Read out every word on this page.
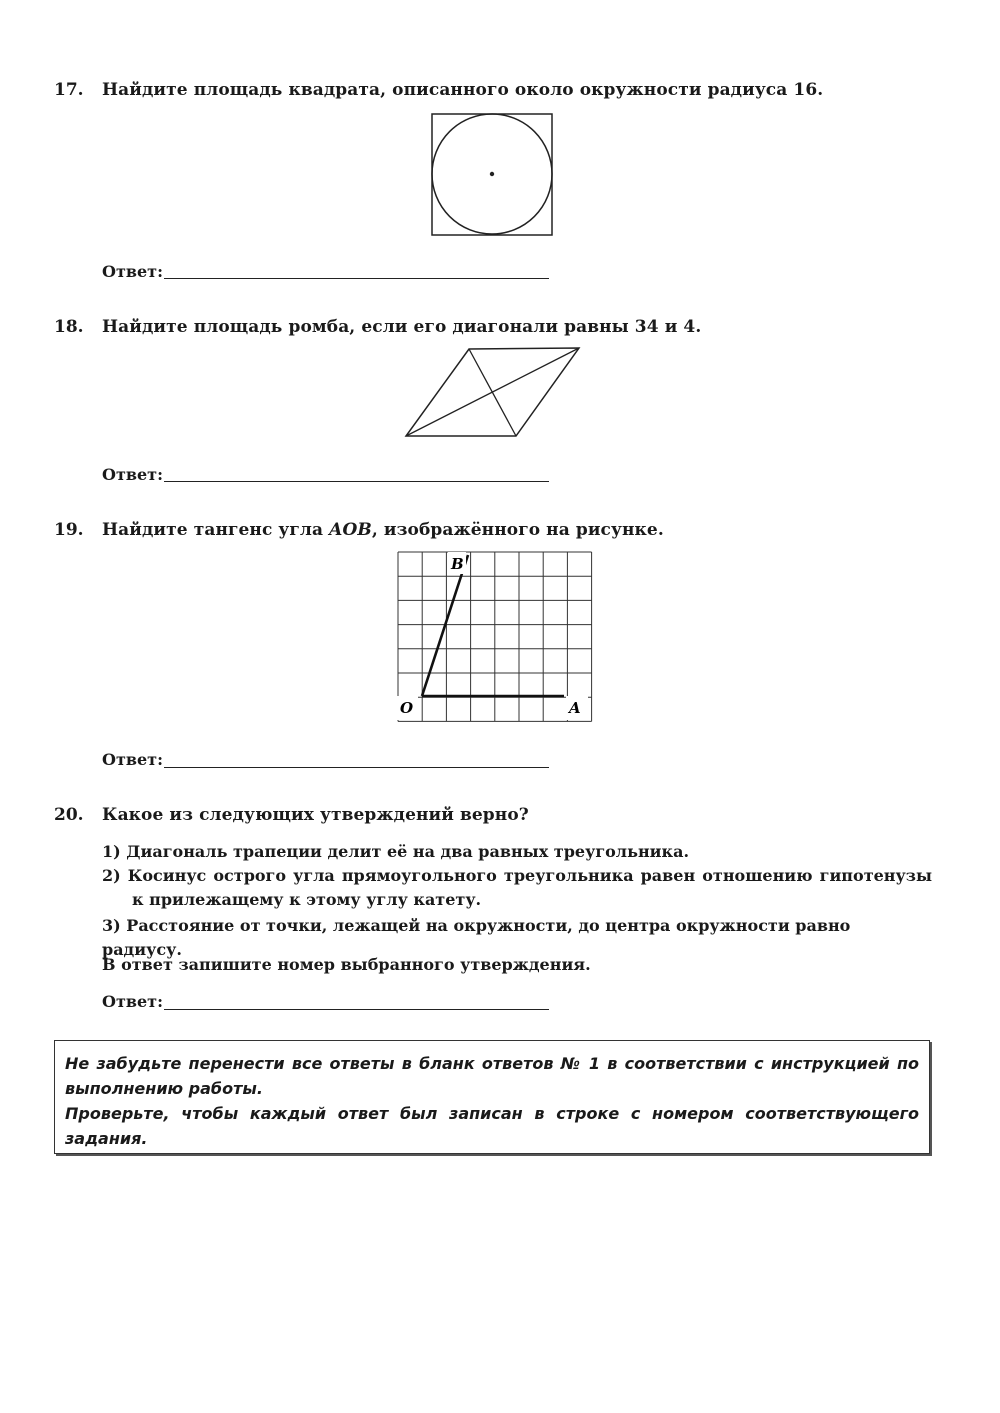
17. Найдите площадь квадрата, описанного около окружности радиуса 16.
Ответ:
18. Найдите площадь ромба, если его диагонали равны 34 и 4.
Ответ:
19. Найдите тангенс угла AOB, изображённого на рисунке.
O	A
B
Ответ:
20. Какое из следующих утверждений верно?
1) Диагональ трапеции делит её на два равных треугольника.
2) Косинус острого угла прямоугольного треугольника равен отношению гипотенузы к прилежащему к этому углу катету.
3) Расстояние от точки, лежащей на окружности, до центра окружности равно радиусу.
В ответ запишите номер выбранного утверждения.
Ответ:

Не забудьте перенести все ответы в бланк ответов № 1 в соответствии с инструкцией по выполнению работы.

Проверьте, чтобы каждый ответ был записан в строке с номером соответствующего задания.
